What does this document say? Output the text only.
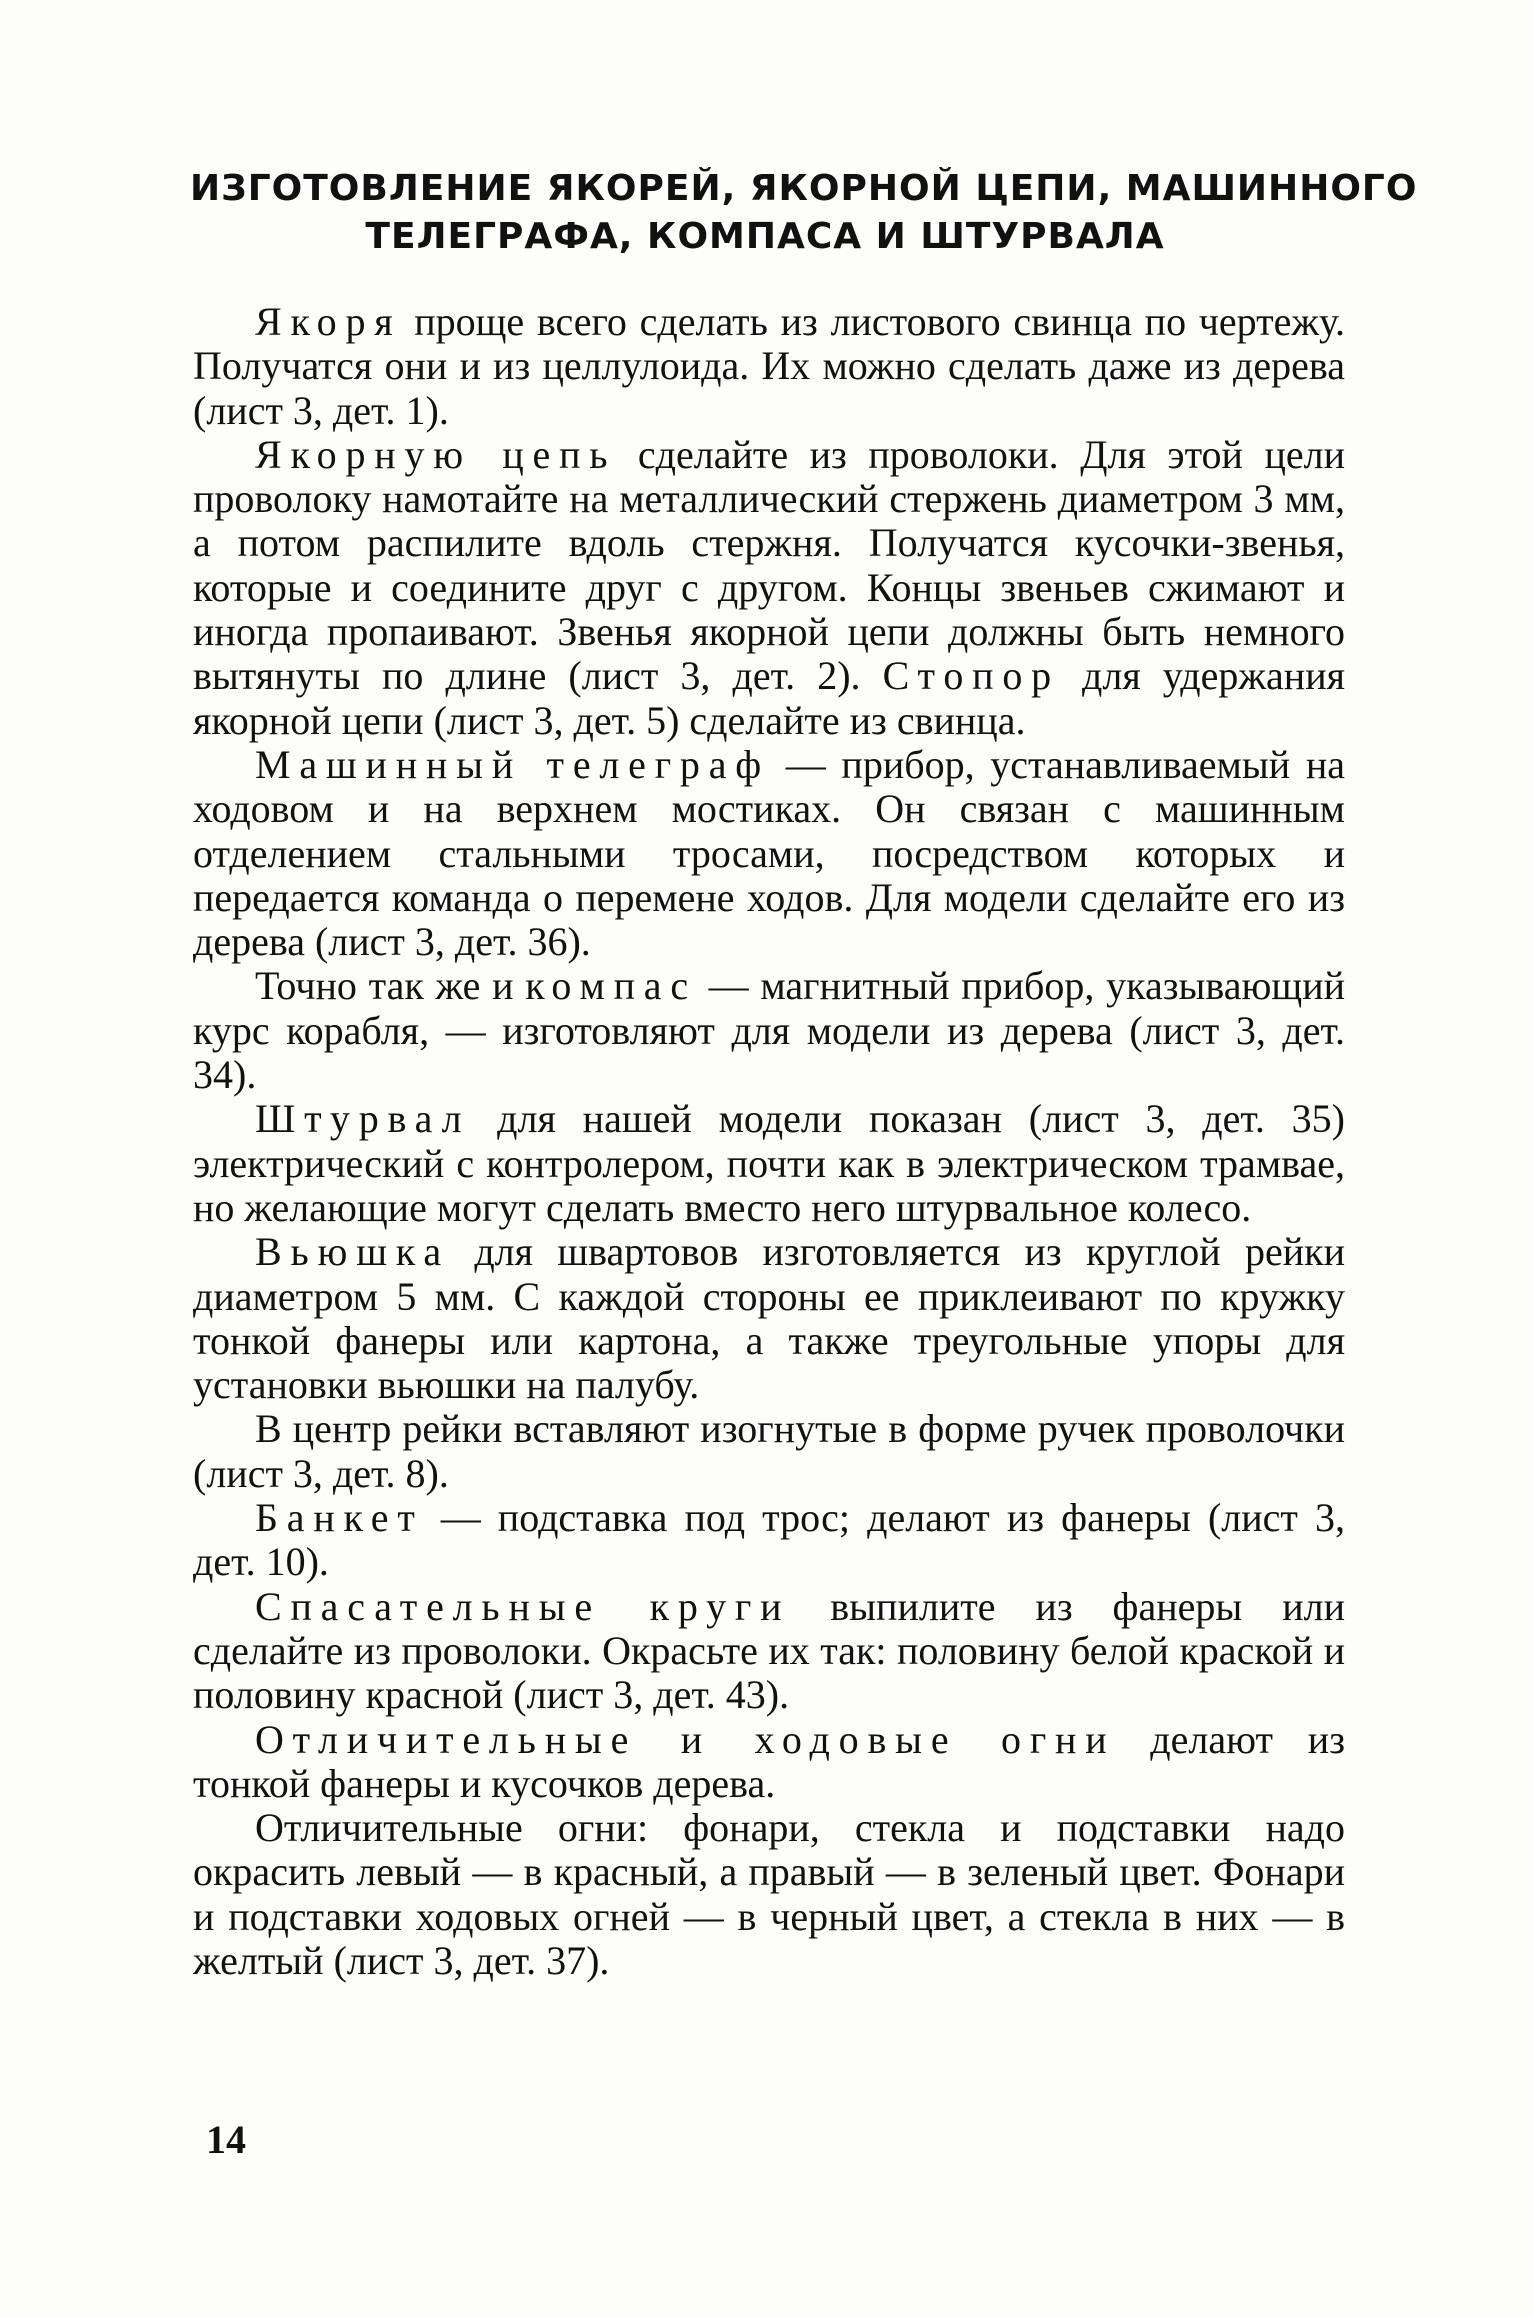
ИЗГОТОВЛЕНИЕ ЯКОРЕЙ, ЯКОРНОЙ ЦЕПИ, МАШИННОГО
ТЕЛЕГРАФА, КОМПАСА И ШТУРВАЛА

Якоря проще всего сделать из листового свинца по чертежу. Получатся они и из целлулоида. Их можно сделать даже из дерева (лист 3, дет. 1).

Якорную цепь сделайте из проволоки. Для этой цели проволоку намотайте на металлический стержень диаметром 3 мм, а потом распилите вдоль стержня. Получатся кусочки-звенья, которые и соедините друг с другом. Концы звеньев сжимают и иногда пропаивают. Звенья якорной цепи должны быть немного вытянуты по длине (лист 3, дет. 2). Стопор для удержания якорной цепи (лист 3, дет. 5) сделайте из свинца.

Машинный телеграф — прибор, устанавливаемый на ходовом и на верхнем мостиках. Он связан с машинным отделением стальными тросами, посредством которых и передается команда о перемене ходов. Для модели сделайте его из дерева (лист 3, дет. 36).

Точно так же и компас — магнитный прибор, указывающий курс корабля, — изготовляют для модели из дерева (лист 3, дет. 34).

Штурвал для нашей модели показан (лист 3, дет. 35) электрический с контролером, почти как в электрическом трамвае, но желающие могут сделать вместо него штурвальное колесо.

Вьюшка для швартовов изготовляется из круглой рейки диаметром 5 мм. С каждой стороны ее приклеивают по кружку тонкой фанеры или картона, а также треугольные упоры для установки вьюшки на палубу.

В центр рейки вставляют изогнутые в форме ручек проволочки (лист 3, дет. 8).

Банкет — подставка под трос; делают из фанеры (лист 3, дет. 10).

Спасательные круги выпилите из фанеры или сделайте из проволоки. Окрасьте их так: половину белой краской и половину красной (лист 3, дет. 43).

Отличительные и ходовые огни делают из тонкой фанеры и кусочков дерева.

Отличительные огни: фонари, стекла и подставки надо окрасить левый — в красный, а правый — в зеленый цвет. Фонари и подставки ходовых огней — в черный цвет, а стекла в них — в желтый (лист 3, дет. 37).

14
